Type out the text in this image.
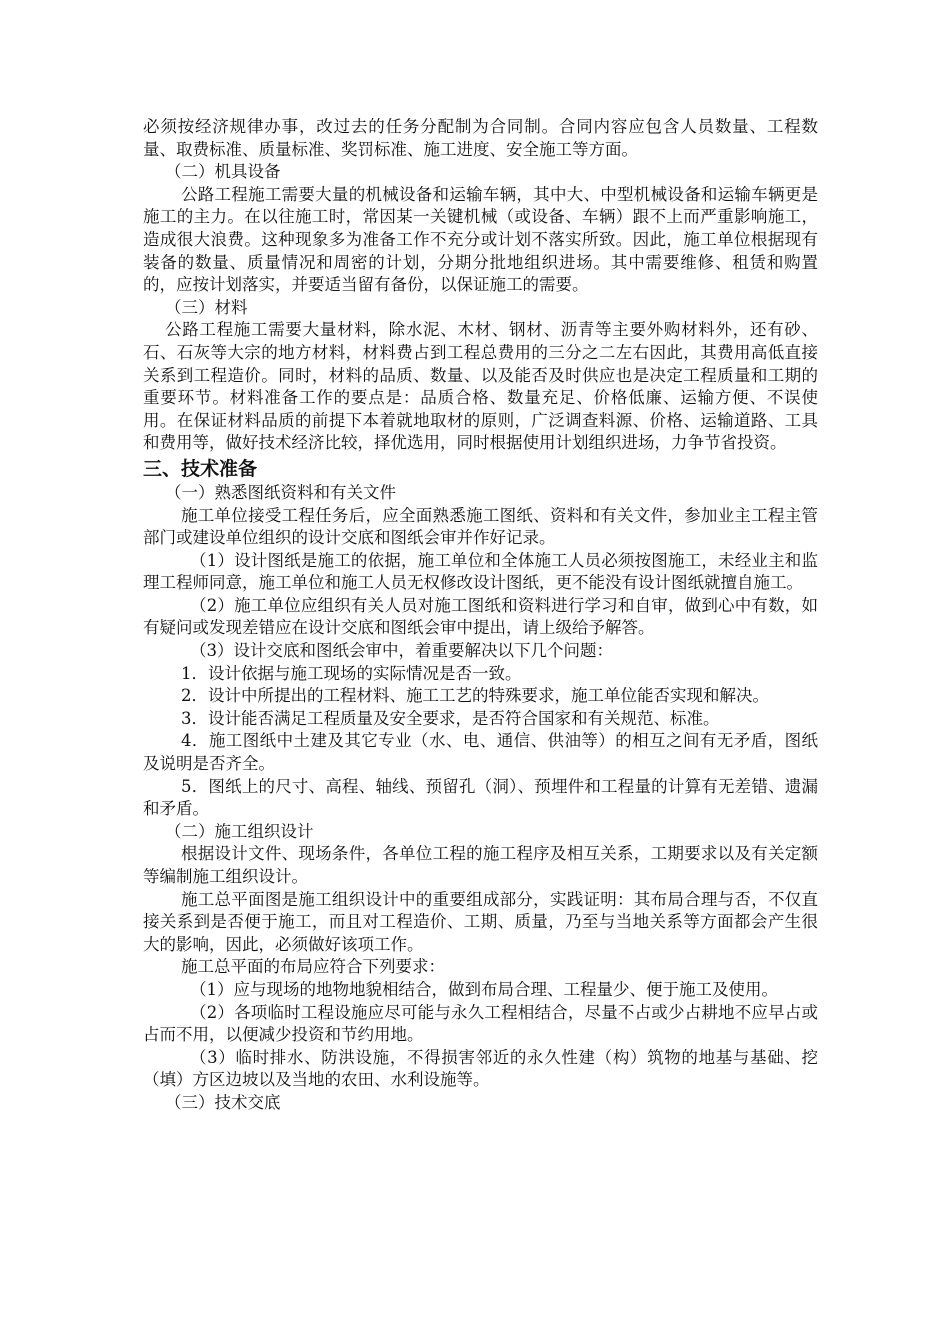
必须按经济规律办事，改过去的任务分配制为合同制。合同内容应包含人员数量、工程数量、取费标准、质量标准、奖罚标准、施工进度、安全施工等方面。

（二）机具设备

公路工程施工需要大量的机械设备和运输车辆，其中大、中型机械设备和运输车辆更是施工的主力。在以往施工时，常因某一关键机械（或设备、车辆）跟不上而严重影响施工，造成很大浪费。这种现象多为准备工作不充分或计划不落实所致。因此，施工单位根据现有装备的数量、质量情况和周密的计划，分期分批地组织进场。其中需要维修、租赁和购置的，应按计划落实，并要适当留有备份，以保证施工的需要。

（三）材料

公路工程施工需要大量材料，除水泥、木材、钢材、沥青等主要外购材料外，还有砂、石、石灰等大宗的地方材料，材料费占到工程总费用的三分之二左右因此，其费用高低直接关系到工程造价。同时，材料的品质、数量、以及能否及时供应也是决定工程质量和工期的重要环节。材料准备工作的要点是：品质合格、数量充足、价格低廉、运输方便、不误使用。在保证材料品质的前提下本着就地取材的原则，广泛调查料源、价格、运输道路、工具和费用等，做好技术经济比较，择优选用，同时根据使用计划组织进场，力争节省投资。

三、技术准备

（一）熟悉图纸资料和有关文件

施工单位接受工程任务后，应全面熟悉施工图纸、资料和有关文件，参加业主工程主管部门或建设单位组织的设计交底和图纸会审并作好记录。

（1）设计图纸是施工的依据，施工单位和全体施工人员必须按图施工，未经业主和监理工程师同意，施工单位和施工人员无权修改设计图纸，更不能没有设计图纸就擅自施工。

（2）施工单位应组织有关人员对施工图纸和资料进行学习和自审，做到心中有数，如有疑问或发现差错应在设计交底和图纸会审中提出，请上级给予解答。

（3）设计交底和图纸会审中，着重要解决以下几个问题：

1．设计依据与施工现场的实际情况是否一致。

2．设计中所提出的工程材料、施工工艺的特殊要求，施工单位能否实现和解决。

3．设计能否满足工程质量及安全要求，是否符合国家和有关规范、标准。

4．施工图纸中土建及其它专业（水、电、通信、供油等）的相互之间有无矛盾，图纸及说明是否齐全。

5．图纸上的尺寸、高程、轴线、预留孔（洞）、预埋件和工程量的计算有无差错、遗漏和矛盾。

（二）施工组织设计

根据设计文件、现场条件，各单位工程的施工程序及相互关系，工期要求以及有关定额等编制施工组织设计。

施工总平面图是施工组织设计中的重要组成部分，实践证明：其布局合理与否，不仅直接关系到是否便于施工，而且对工程造价、工期、质量，乃至与当地关系等方面都会产生很大的影响，因此，必须做好该项工作。

施工总平面的布局应符合下列要求：

（1）应与现场的地物地貌相结合，做到布局合理、工程量少、便于施工及使用。

（2）各项临时工程设施应尽可能与永久工程相结合，尽量不占或少占耕地不应早占或占而不用，以便减少投资和节约用地。

（3）临时排水、防洪设施，不得损害邻近的永久性建（构）筑物的地基与基础、挖（填）方区边坡以及当地的农田、水利设施等。

（三）技术交底
